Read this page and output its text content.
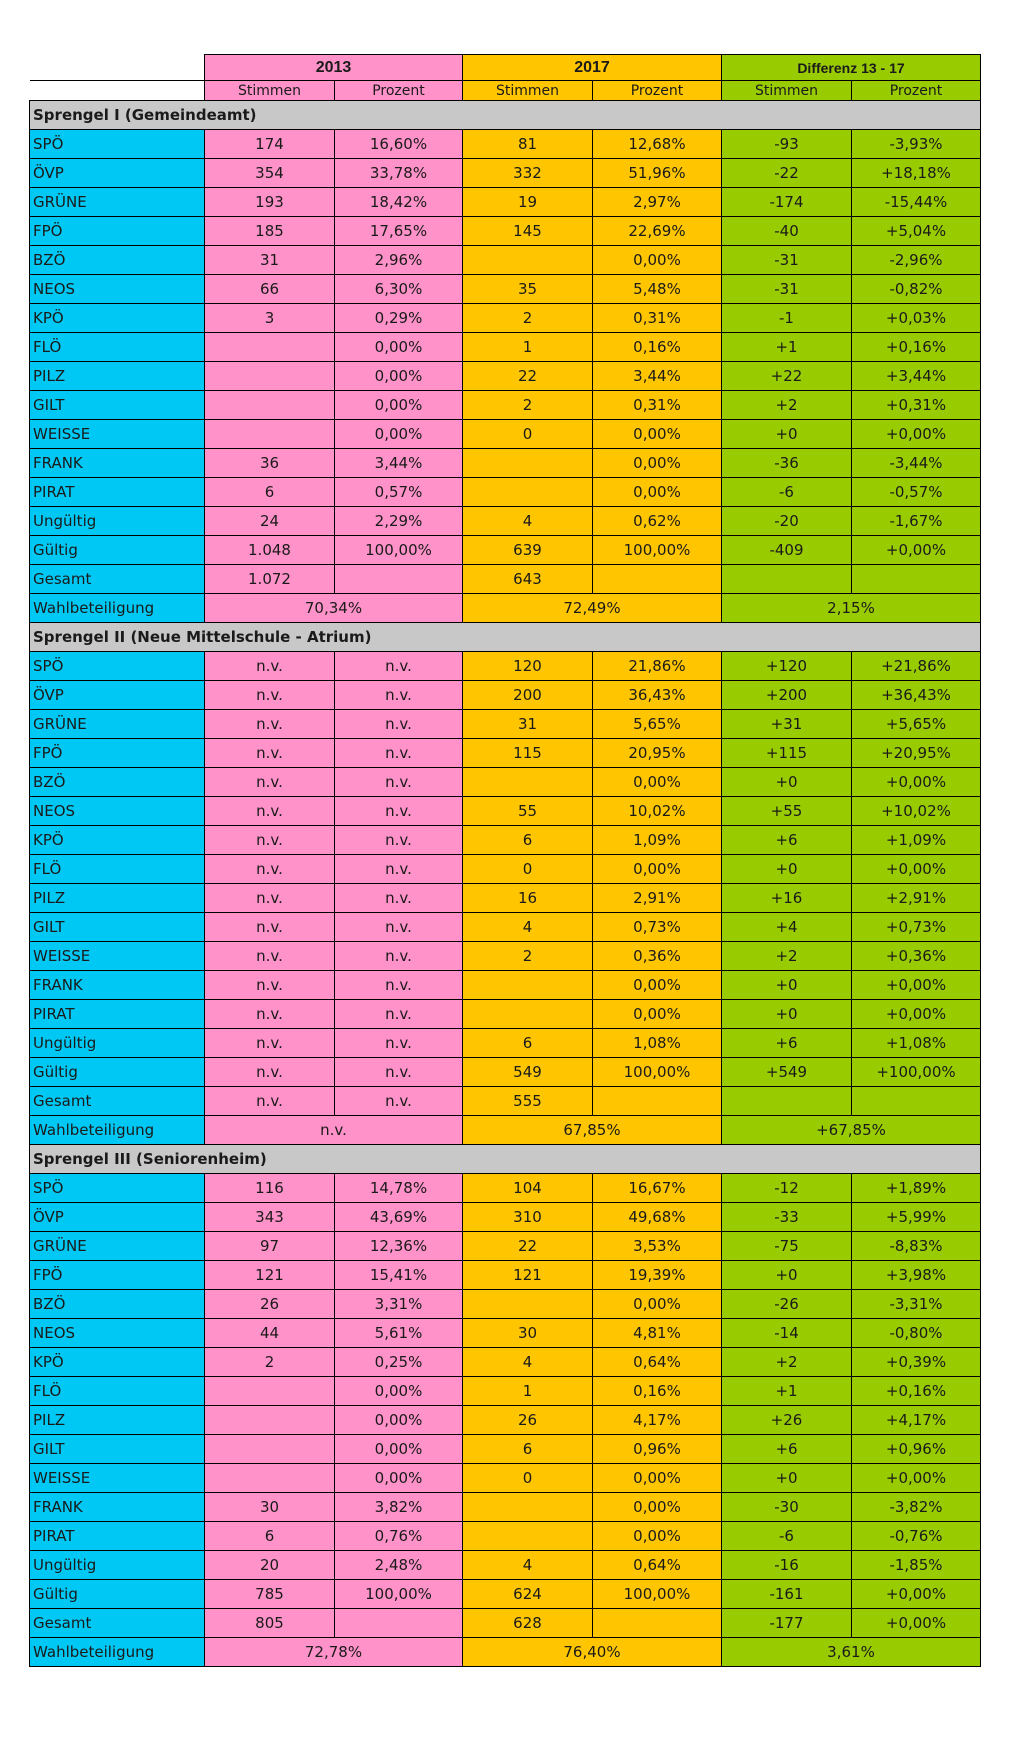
	2013		2017		Differenz 13 - 17	
	Stimmen	Prozent	Stimmen	Prozent	Stimmen	Prozent
Sprengel I (Gemeindeamt)						
SPÖ	174	16,60%	81	12,68%	-93	-3,93%
ÖVP	354	33,78%	332	51,96%	-22	+18,18%
GRÜNE	193	18,42%	19	2,97%	-174	-15,44%
FPÖ	185	17,65%	145	22,69%	-40	+5,04%
BZÖ	31	2,96%		0,00%	-31	-2,96%
NEOS	66	6,30%	35	5,48%	-31	-0,82%
KPÖ	3	0,29%	2	0,31%	-1	+0,03%
FLÖ		0,00%	1	0,16%	+1	+0,16%
PILZ		0,00%	22	3,44%	+22	+3,44%
GILT		0,00%	2	0,31%	+2	+0,31%
WEISSE		0,00%	0	0,00%	+0	+0,00%
FRANK	36	3,44%		0,00%	-36	-3,44%
PIRAT	6	0,57%		0,00%	-6	-0,57%
Ungültig	24	2,29%	4	0,62%	-20	-1,67%
Gültig	1.048	100,00%	639	100,00%	-409	+0,00%
Gesamt	1.072		643			
Wahlbeteiligung	70,34%		72,49%		2,15%	
Sprengel II (Neue Mittelschule - Atrium)						
SPÖ	n.v.	n.v.	120	21,86%	+120	+21,86%
ÖVP	n.v.	n.v.	200	36,43%	+200	+36,43%
GRÜNE	n.v.	n.v.	31	5,65%	+31	+5,65%
FPÖ	n.v.	n.v.	115	20,95%	+115	+20,95%
BZÖ	n.v.	n.v.		0,00%	+0	+0,00%
NEOS	n.v.	n.v.	55	10,02%	+55	+10,02%
KPÖ	n.v.	n.v.	6	1,09%	+6	+1,09%
FLÖ	n.v.	n.v.	0	0,00%	+0	+0,00%
PILZ	n.v.	n.v.	16	2,91%	+16	+2,91%
GILT	n.v.	n.v.	4	0,73%	+4	+0,73%
WEISSE	n.v.	n.v.	2	0,36%	+2	+0,36%
FRANK	n.v.	n.v.		0,00%	+0	+0,00%
PIRAT	n.v.	n.v.		0,00%	+0	+0,00%
Ungültig	n.v.	n.v.	6	1,08%	+6	+1,08%
Gültig	n.v.	n.v.	549	100,00%	+549	+100,00%
Gesamt	n.v.	n.v.	555			
Wahlbeteiligung	n.v.		67,85%		+67,85%	
Sprengel III (Seniorenheim)						
SPÖ	116	14,78%	104	16,67%	-12	+1,89%
ÖVP	343	43,69%	310	49,68%	-33	+5,99%
GRÜNE	97	12,36%	22	3,53%	-75	-8,83%
FPÖ	121	15,41%	121	19,39%	+0	+3,98%
BZÖ	26	3,31%		0,00%	-26	-3,31%
NEOS	44	5,61%	30	4,81%	-14	-0,80%
KPÖ	2	0,25%	4	0,64%	+2	+0,39%
FLÖ		0,00%	1	0,16%	+1	+0,16%
PILZ		0,00%	26	4,17%	+26	+4,17%
GILT		0,00%	6	0,96%	+6	+0,96%
WEISSE		0,00%	0	0,00%	+0	+0,00%
FRANK	30	3,82%		0,00%	-30	-3,82%
PIRAT	6	0,76%		0,00%	-6	-0,76%
Ungültig	20	2,48%	4	0,64%	-16	-1,85%
Gültig	785	100,00%	624	100,00%	-161	+0,00%
Gesamt	805		628		-177	+0,00%
Wahlbeteiligung	72,78%		76,40%		3,61%	
